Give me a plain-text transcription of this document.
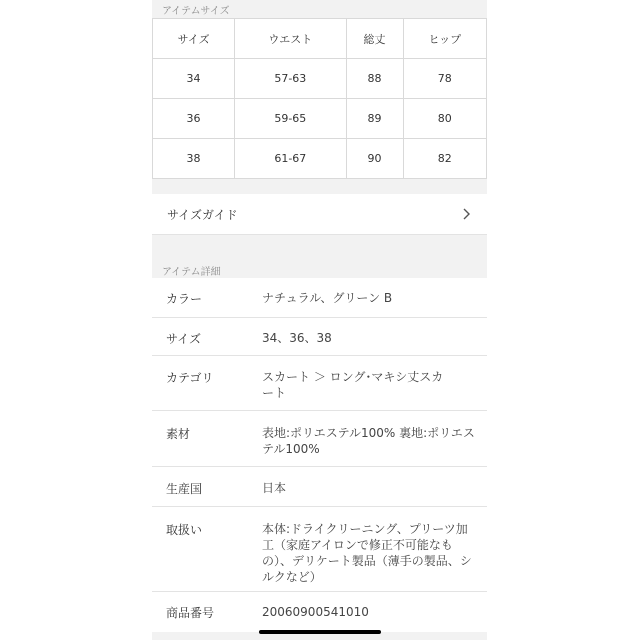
アイテムサイズ
サイズ	ウエスト	総丈	ヒップ
34	57-63	88	78
36	59-65	89	80
38	61-67	90	82
サイズガイド
アイテム詳細
カラー	ナチュラル、グリーン B
サイズ	34、36、38
カテゴリ	スカート ＞ ロング･マキシ丈スカート
素材	表地:ポリエステル100% 裏地:ポリエステル100%
生産国	日本
取扱い	本体:ドライクリーニング、プリーツ加工（家庭アイロンで修正不可能なもの）、デリケート製品（薄手の製品、シルクなど）
商品番号	20060900541010
